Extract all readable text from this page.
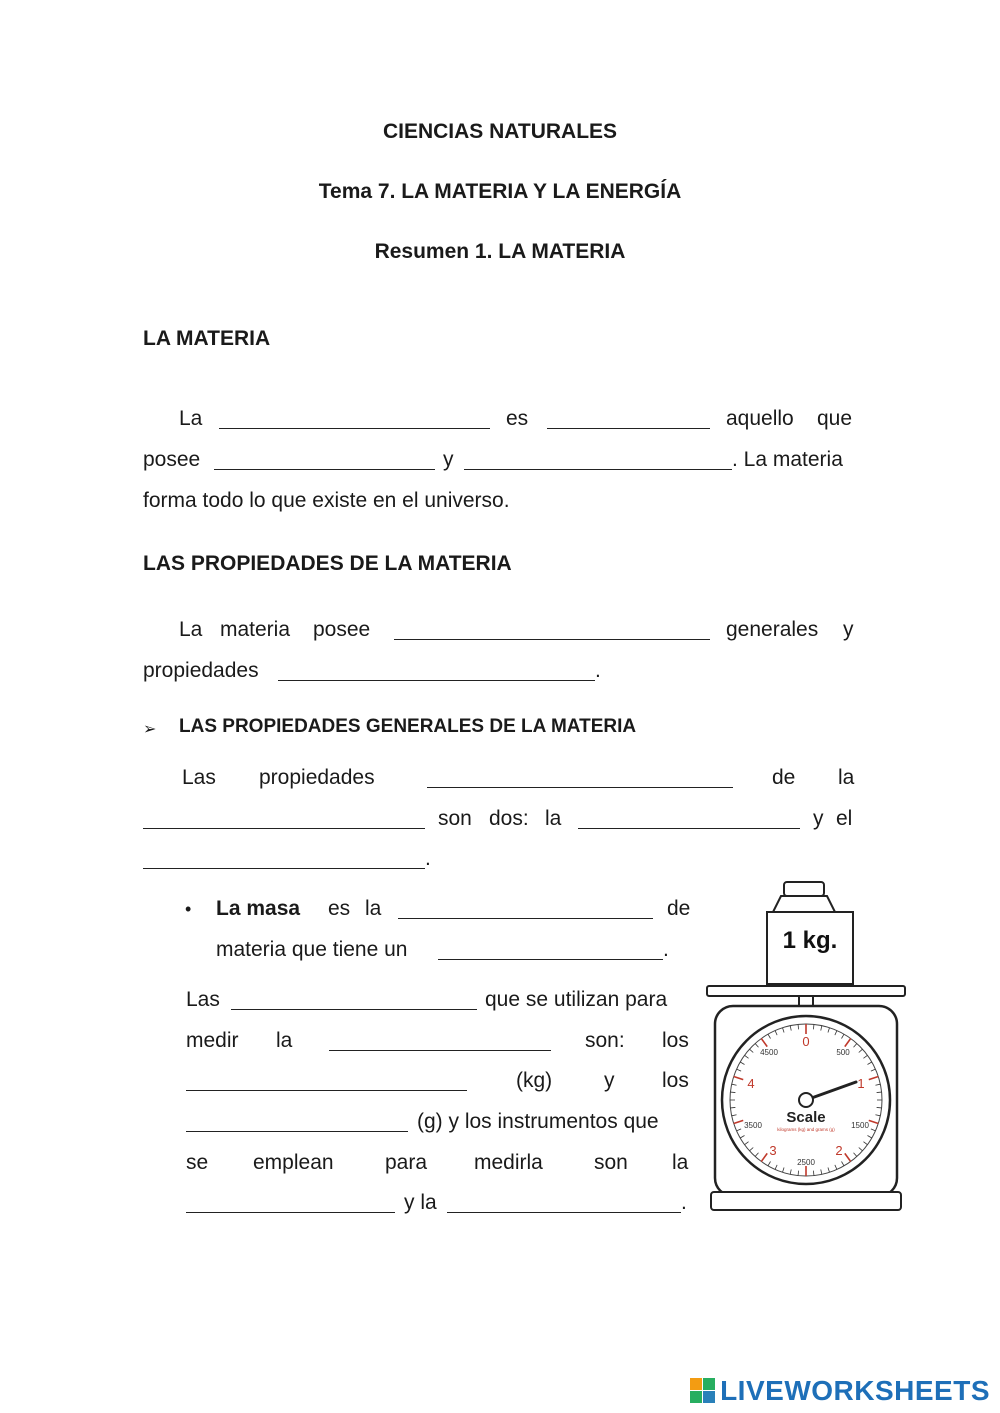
CIENCIAS NATURALES
Tema 7. LA MATERIA Y LA ENERGÍA
Resumen 1. LA MATERIA
LA MATERIA
La	es	aquello que
posee	y	. La materia
forma todo lo que existe en el universo.
LAS PROPIEDADES DE LA MATERIA
La materia posee	generales y
propiedades	.
➢ LAS PROPIEDADES GENERALES DE LA MATERIA
Las propiedades	de la
son dos: la	y el
.
• La masa es la	de
materia que tiene un	.
Las	que se utilizan para
medir la	son: los
(kg) y los
(g) y los instrumentos que
se emplean para medirla son la
y la	.
1 kg.
0
500
1
1500
2
2500
3
3500
4
4500
Scale
kilograms (kg) and grams (g)
LIVEWORKSHEETS
